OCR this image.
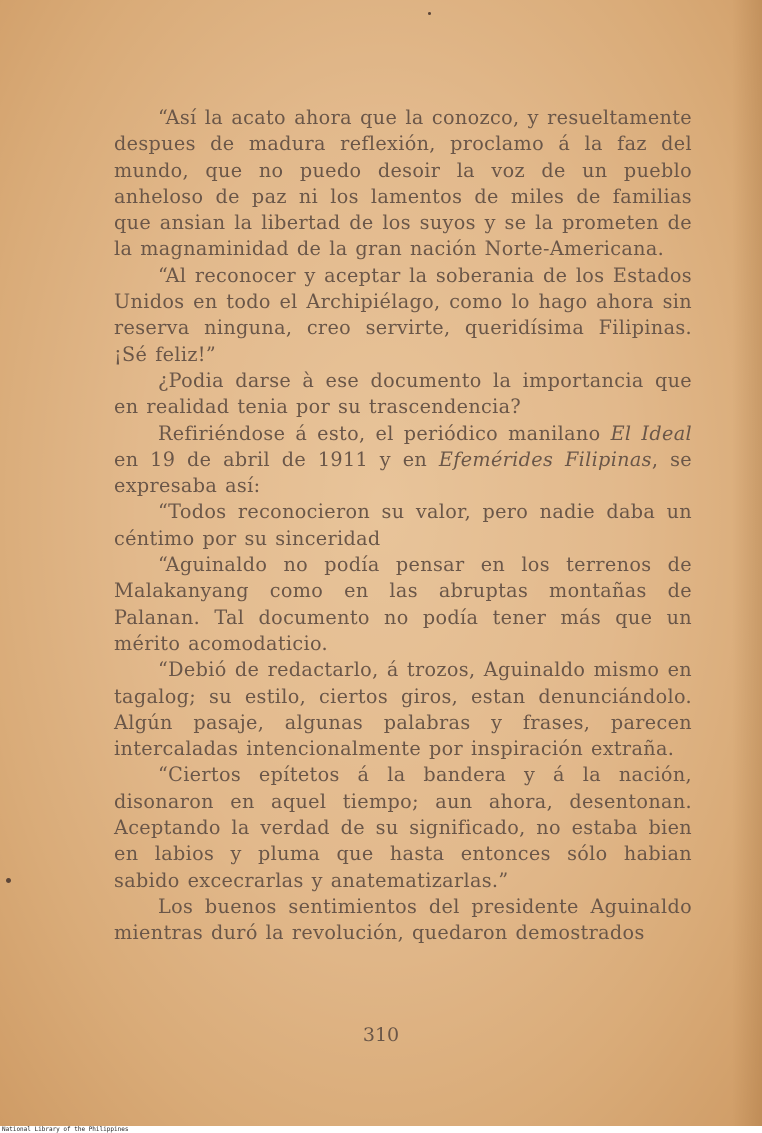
“Así la acato ahora que la conozco, y resueltamente despues de madura reflexión, proclamo á la faz del mundo, que no puedo desoir la voz de un pueblo anheloso de paz ni los lamentos de miles de familias que ansian la libertad de los suyos y se la prometen de la magnaminidad de la gran nación Norte-Americana.

“Al reconocer y aceptar la soberania de los Estados Unidos en todo el Archipiélago, como lo hago ahora sin reserva ninguna, creo servirte, queridísima Filipinas. ¡Sé feliz!”

¿Podia darse à ese documento la importancia que en realidad tenia por su trascendencia?

Refiriéndose á esto, el periódico manilano El Ideal en 19 de abril de 1911 y en Efemérides Filipinas, se expresaba así:

“Todos reconocieron su valor, pero nadie daba un céntimo por su sinceridad

“Aguinaldo no podía pensar en los terrenos de Malakanyang como en las abruptas montañas de Palanan. Tal documento no podía tener más que un mérito acomodaticio.

“Debió de redactarlo, á trozos, Aguinaldo mismo en tagalog; su estilo, ciertos giros, estan denunciándolo. Algún pasaje, algunas palabras y frases, parecen intercaladas intencionalmente por inspiración extraña.

“Ciertos epítetos á la bandera y á la nación, disonaron en aquel tiempo; aun ahora, desentonan. Aceptando la verdad de su significado, no estaba bien en labios y pluma que hasta entonces sólo habian sabido excecrarlas y anatematizarlas.”

Los buenos sentimientos del presidente Aguinaldo mientras duró la revolución, quedaron demostrados

310
National Library of the Philippines
